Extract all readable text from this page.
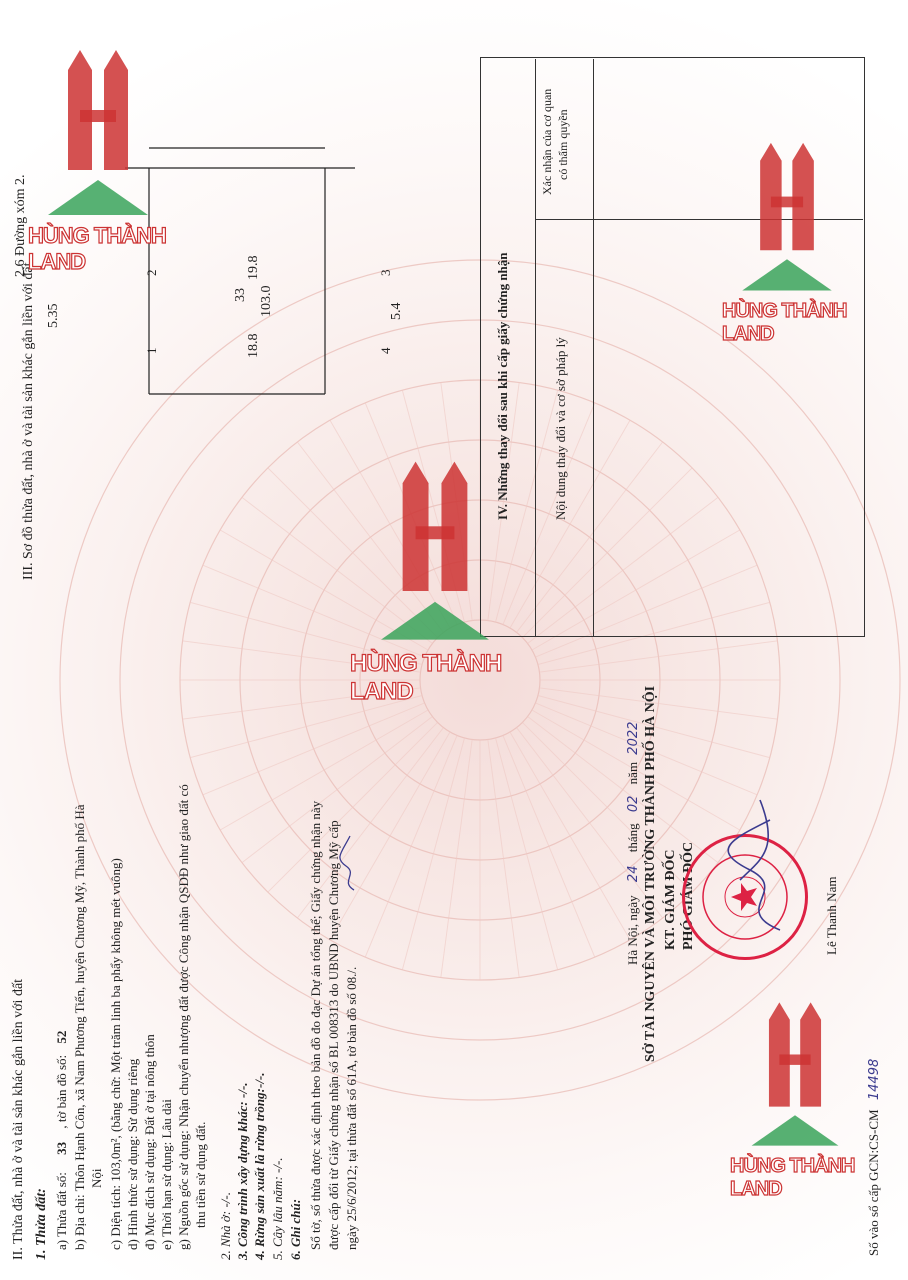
II. Thửa đất, nhà ở và tài sản khác gắn liền với đất 1. Thửa đất: a) Thửa đất số: 33 , tờ bản đồ số: 52 b) Địa chỉ: Thôn Hạnh Côn, xã Nam Phương Tiến, huyện Chương Mỹ, Thành phố Hà Nội c) Diện tích: 103,0m², (bằng chữ: Một trăm linh ba phẩy không mét vuông) d) Hình thức sử dụng: Sử dụng riêng đ) Mục đích sử dụng: Đất ở tại nông thôn e) Thời hạn sử dụng: Lâu dài g) Nguồn gốc sử dụng: Nhận chuyển nhượng đất được Công nhận QSDĐ như giao đất có thu tiền sử dụng đất. 2. Nhà ở: -/-. 3. Công trình xây dựng khác: -/-. 4. Rừng sản xuất là rừng trồng:-/-. 5. Cây lâu năm: -/-. 6. Ghi chú: Sổ tờ, số thửa được xác định theo bản đồ đo đạc Dự án tổng thể; Giấy chứng nhận này được cấp đổi từ Giấy chứng nhận số BL 008313 do UBND huyện Chương Mỹ cấp ngày 25/6/2012; tại thửa đất số 61A, tờ bản đồ số 08./.
Hà Nội, ngày 24 tháng 02 năm 2022 SỞ TÀI NGUYÊN VÀ MÔI TRƯỜNG THÀNH PHỐ HÀ NỘI KT. GIÁM ĐỐC PHÓ GIÁM ĐỐC	Lê Thanh Nam
Số vào sổ cấp GCN:CS-CM 14498
III. Sơ đồ thửa đất, nhà ở và tài sản khác gắn liền với đất
2.6 Đường xóm 2.
5.35	5.4
18.8
19.8
33 103.0
1
2	3
4	IV. Những thay đổi sau khi cấp giấy chứng nhận	Nội dung thay đổi và cơ sở pháp lý
Xác nhận của cơ quan có thẩm quyền
HÙNG THÀNH LAND
HÙNG THÀNH LAND
HÙNG THÀNH LAND
HÙNG THÀNH LAND
